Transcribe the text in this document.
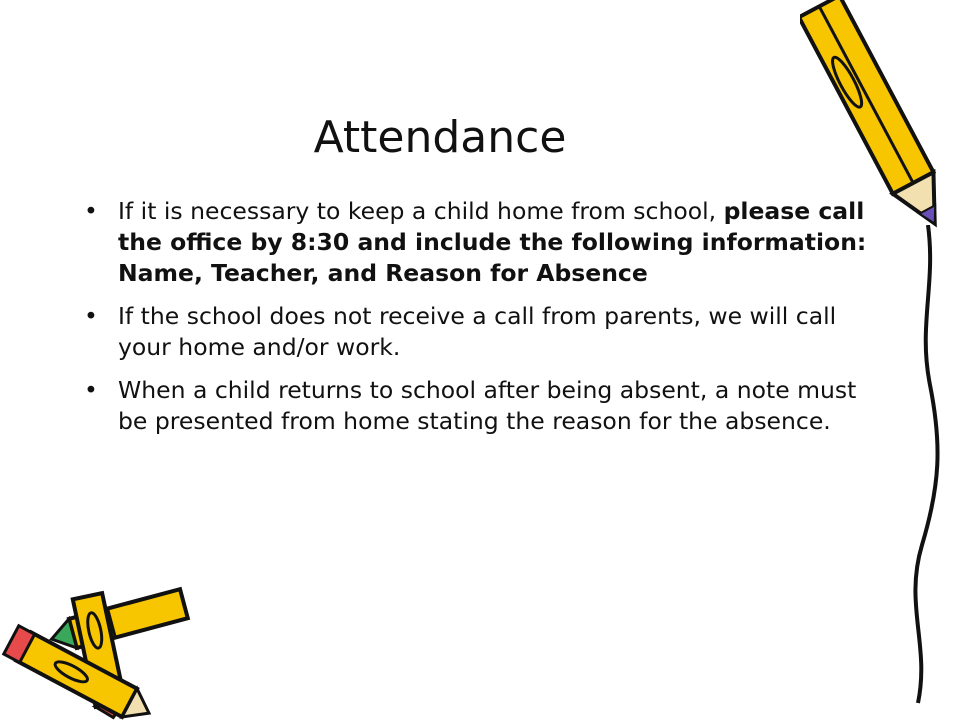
Attendance
• If it is necessary to keep a child home from school, please call the office by 8:30 and include the following information: Name, Teacher, and Reason for Absence
• If the school does not receive a call from parents, we will call your home and/or work.
• When a child returns to school after being absent, a note must be presented from home stating the reason for the absence.
